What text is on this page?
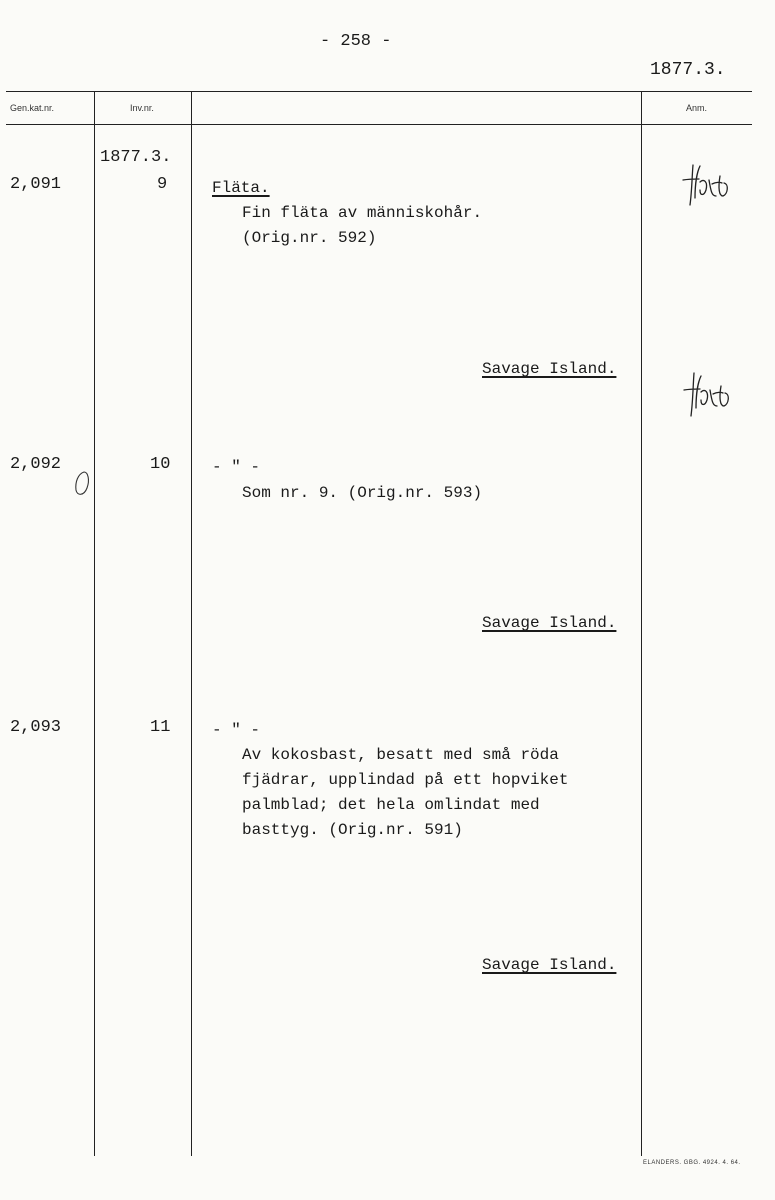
- 258 -
1877.3.
Gen.kat.nr.	Inv.nr.	Anm.
1877.3.
2,091	9	Fläta.
Fin fläta av människohår.
(Orig.nr. 592)
Savage Island.
2,092	10	- " -
Som nr. 9. (Orig.nr. 593)
Savage Island.
2,093	11	- " -
Av kokosbast, besatt med små röda
fjädrar, upplindad på ett hopviket
palmblad; det hela omlindat med
basttyg. (Orig.nr. 591)
Savage Island.
ELANDERS. GBG. 4924. 4. 64.
